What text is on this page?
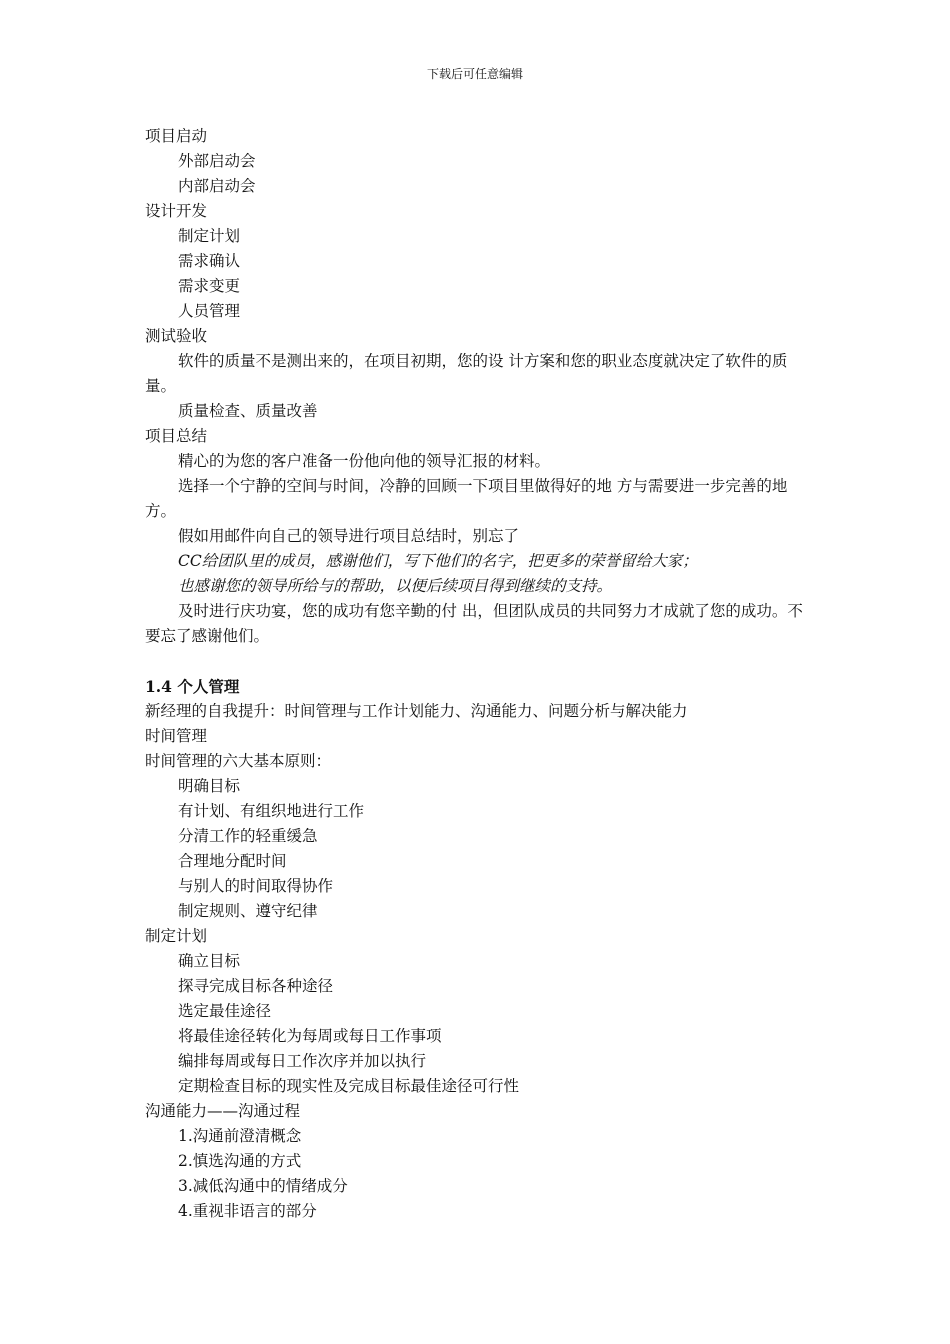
下载后可任意编辑

项目启动

外部启动会

内部启动会

设计开发

制定计划

需求确认

需求变更

人员管理

测试验收

软件的质量不是测出来的，在项目初期，您的设 计方案和您的职业态度就决定了软件的质量。

质量检查、质量改善

项目总结

精心的为您的客户准备一份他向他的领导汇报的材料。

选择一个宁静的空间与时间，冷静的回顾一下项目里做得好的地 方与需要进一步完善的地方。

假如用邮件向自己的领导进行项目总结时，别忘了

CC给团队里的成员，感谢他们，写下他们的名字，把更多的荣誉留给大家；

也感谢您的领导所给与的帮助，以便后续项目得到继续的支持。

及时进行庆功宴，您的成功有您辛勤的付 出，但团队成员的共同努力才成就了您的成功。不要忘了感谢他们。

1.4 个人管理

新经理的自我提升：时间管理与工作计划能力、沟通能力、问题分析与解决能力

时间管理

时间管理的六大基本原则：

明确目标

有计划、有组织地进行工作

分清工作的轻重缓急

合理地分配时间

与别人的时间取得协作

制定规则、遵守纪律

制定计划

确立目标

探寻完成目标各种途径

选定最佳途径

将最佳途径转化为每周或每日工作事项

编排每周或每日工作次序并加以执行

定期检查目标的现实性及完成目标最佳途径可行性

沟通能力——沟通过程

1.沟通前澄清概念

2.慎选沟通的方式

3.减低沟通中的情绪成分

4.重视非语言的部分
